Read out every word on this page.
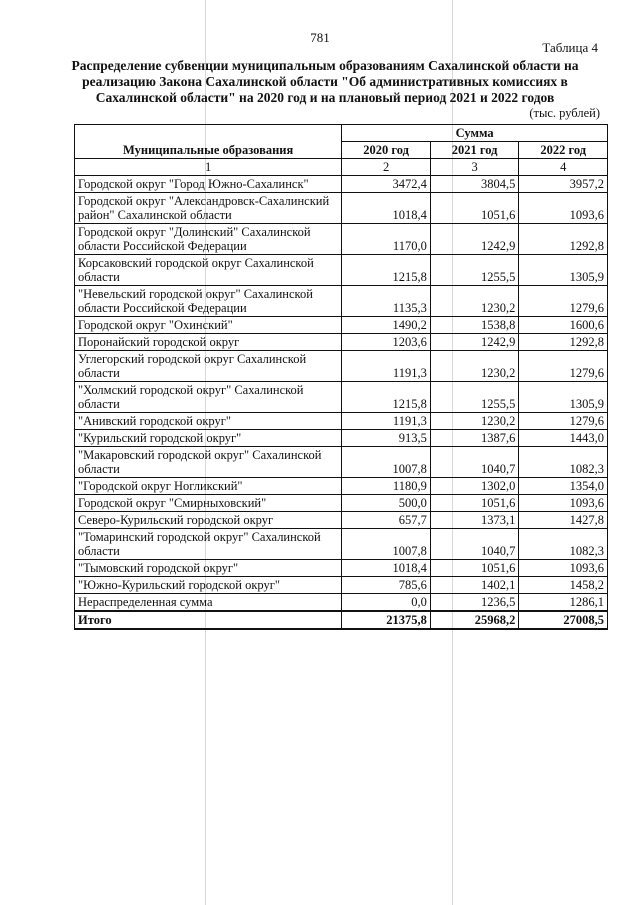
781
Таблица 4
Распределение субвенции муниципальным образованиям Сахалинской области на реализацию Закона Сахалинской области "Об административных комиссиях в Сахалинской области" на 2020 год и на плановый период 2021 и 2022 годов
(тыс. рублей)
Муниципальные образования	Сумма		
	2020 год	2021 год	2022 год
1	2	3	4
Городской округ "Город Южно-Сахалинск"	3472,4	3804,5	3957,2
Городской округ "Александровск-Сахалинский район" Сахалинской области	1018,4	1051,6	1093,6
Городской округ "Долинский" Сахалинской области Российской Федерации	1170,0	1242,9	1292,8
Корсаковский городской округ Сахалинской области	1215,8	1255,5	1305,9
"Невельский городской округ" Сахалинской области Российской Федерации	1135,3	1230,2	1279,6
Городской округ "Охинский"	1490,2	1538,8	1600,6
Поронайский городской округ	1203,6	1242,9	1292,8
Углегорский городской округ Сахалинской области	1191,3	1230,2	1279,6
"Холмский городской округ" Сахалинской области	1215,8	1255,5	1305,9
"Анивский городской округ"	1191,3	1230,2	1279,6
"Курильский городской округ"	913,5	1387,6	1443,0
"Макаровский городской округ" Сахалинской области	1007,8	1040,7	1082,3
"Городской округ Ногликский"	1180,9	1302,0	1354,0
Городской округ "Смирныховский"	500,0	1051,6	1093,6
Северо-Курильский городской округ	657,7	1373,1	1427,8
"Томаринский городской округ" Сахалинской области	1007,8	1040,7	1082,3
"Тымовский городской округ"	1018,4	1051,6	1093,6
"Южно-Курильский городской округ"	785,6	1402,1	1458,2
Нераспределенная сумма	0,0	1236,5	1286,1
Итого	21375,8	25968,2	27008,5
